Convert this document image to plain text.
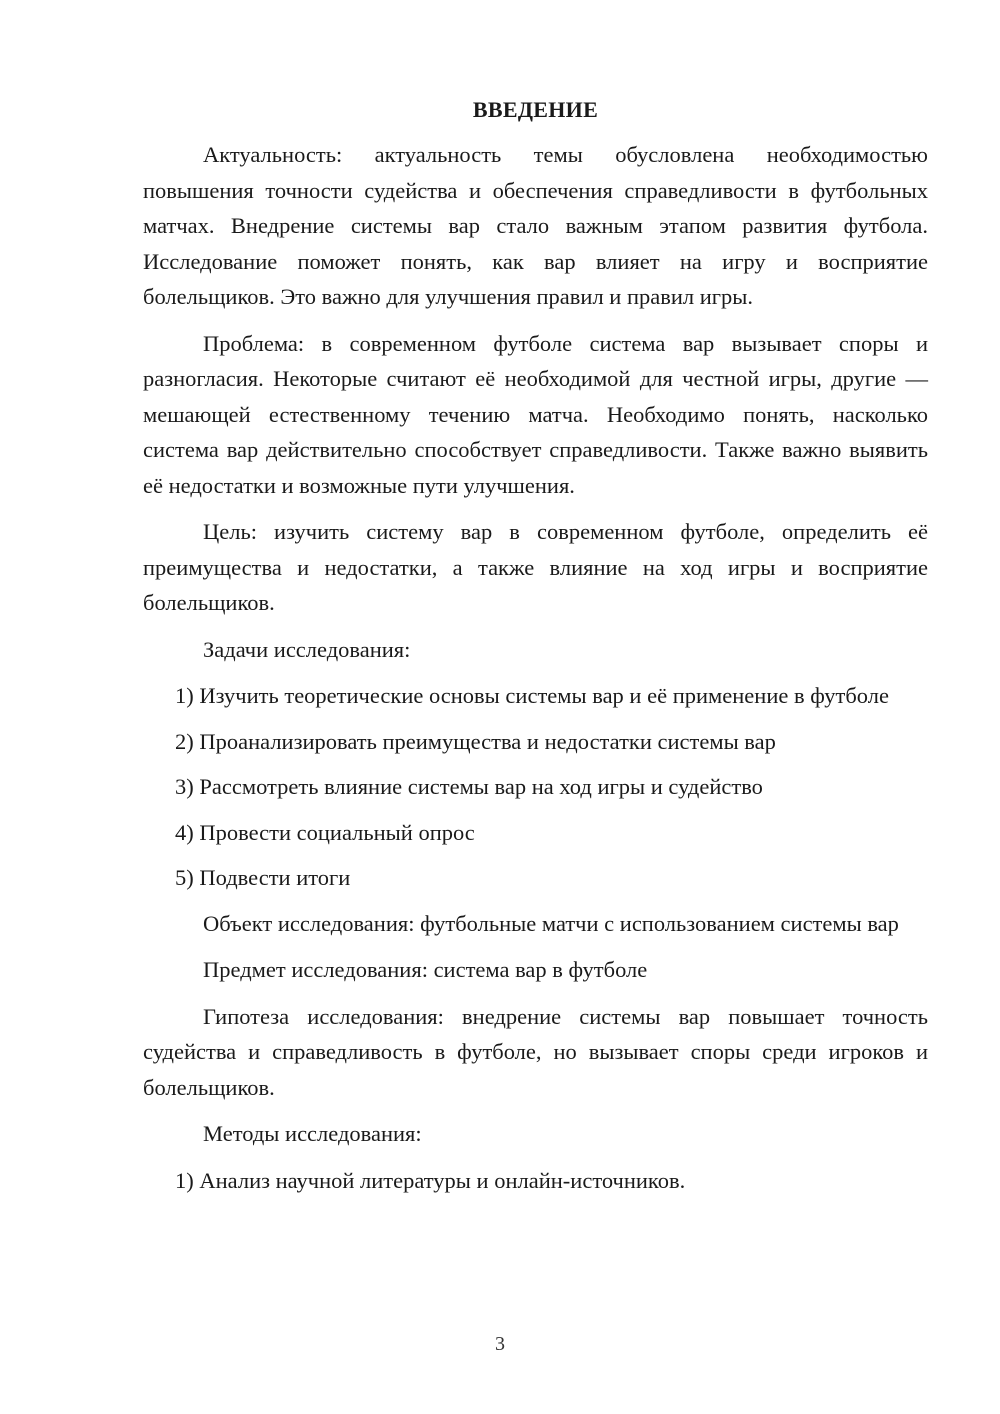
ВВЕДЕНИЕ

Актуальность: актуальность темы обусловлена необходимостью повышения точности судейства и обеспечения справедливости в футбольных матчах. Внедрение системы вар стало важным этапом развития футбола. Исследование поможет понять, как вар влияет на игру и восприятие болельщиков. Это важно для улучшения правил и правил игры.

Проблема: в современном футболе система вар вызывает споры и разногласия. Некоторые считают её необходимой для честной игры, другие — мешающей естественному течению матча. Необходимо понять, насколько система вар действительно способствует справедливости. Также важно выявить её недостатки и возможные пути улучшения.

Цель: изучить систему вар в современном футболе, определить её преимущества и недостатки, а также влияние на ход игры и восприятие болельщиков.

Задачи исследования:

1) Изучить теоретические основы системы вар и её применение в футболе

2) Проанализировать преимущества и недостатки системы вар

3) Рассмотреть влияние системы вар на ход игры и судейство

4) Провести социальный опрос

5) Подвести итоги

Объект исследования: футбольные матчи с использованием системы вар

Предмет исследования: система вар в футболе

Гипотеза исследования: внедрение системы вар повышает точность судейства и справедливость в футболе, но вызывает споры среди игроков и болельщиков.

Методы исследования:

1) Анализ научной литературы и онлайн-источников.

3
